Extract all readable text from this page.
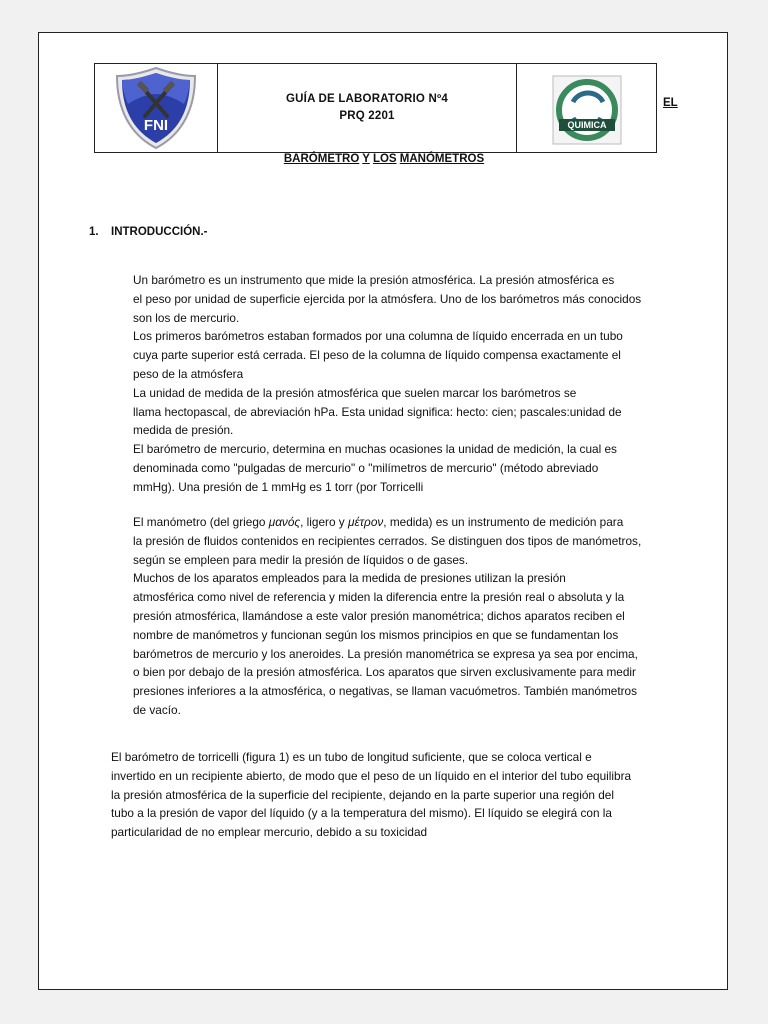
FNI
GUÍA DE LABORATORIO Nº4
PRQ 2201
QUIMICA
EL
BARÓMETRO Y LOS MANÓMETROS
1. INTRODUCCIÓN.-
Un barómetro es un instrumento que mide la presión atmosférica. La presión atmosférica es
el peso por unidad de superficie ejercida por la atmósfera. Uno de los barómetros más conocidos
son los de mercurio.
Los primeros barómetros estaban formados por una columna de líquido encerrada en un tubo
cuya parte superior está cerrada. El peso de la columna de líquido compensa exactamente el
peso de la atmósfera
La unidad de medida de la presión atmosférica que suelen marcar los barómetros se
llama hectopascal, de abreviación hPa. Esta unidad significa: hecto: cien; pascales:unidad de
medida de presión.
El barómetro de mercurio, determina en muchas ocasiones la unidad de medición, la cual es
denominada como "pulgadas de mercurio" o "milímetros de mercurio" (método abreviado
mmHg). Una presión de 1 mmHg es 1 torr (por Torricelli
El manómetro (del griego μανός, ligero y μέτρον, medida) es un instrumento de medición para
la presión de fluidos contenidos en recipientes cerrados. Se distinguen dos tipos de manómetros,
según se empleen para medir la presión de líquidos o de gases.
Muchos de los aparatos empleados para la medida de presiones utilizan la presión
atmosférica como nivel de referencia y miden la diferencia entre la presión real o absoluta y la
presión atmosférica, llamándose a este valor presión manométrica; dichos aparatos reciben el
nombre de manómetros y funcionan según los mismos principios en que se fundamentan los
barómetros de mercurio y los aneroides. La presión manométrica se expresa ya sea por encima,
o bien por debajo de la presión atmosférica. Los aparatos que sirven exclusivamente para medir
presiones inferiores a la atmosférica, o negativas, se llaman vacuómetros. También manómetros
de vacío.
El barómetro de torricelli (figura 1) es un tubo de longitud suficiente, que se coloca vertical e
invertido en un recipiente abierto, de modo que el peso de un líquido en el interior del tubo equilibra
la presión atmosférica de la superficie del recipiente, dejando en la parte superior una región del
tubo a la presión de vapor del líquido (y a la temperatura del mismo). El líquido se elegirá con la
particularidad de no emplear mercurio, debido a su toxicidad
